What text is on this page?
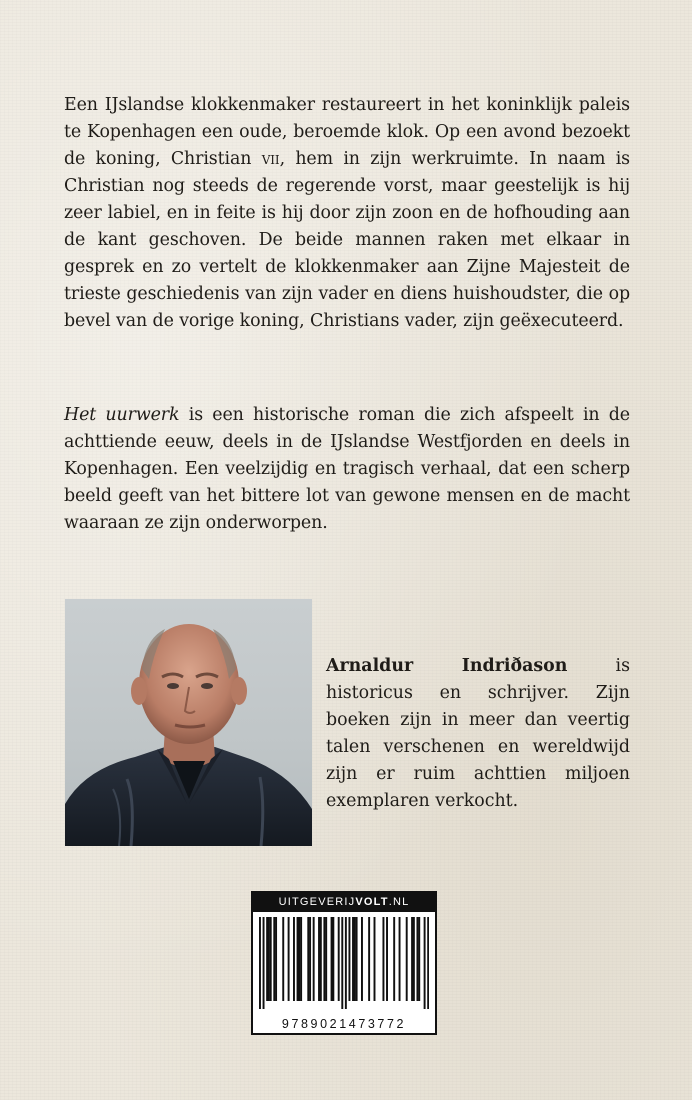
Een IJslandse klokkenmaker restaureert in het koninklijk paleis te Kopenhagen een oude, beroemde klok. Op een avond bezoekt de koning, Christian vii, hem in zijn werkruimte. In naam is Christian nog steeds de regerende vorst, maar geestelijk is hij zeer labiel, en in feite is hij door zijn zoon en de hofhouding aan de kant geschoven. De beide mannen raken met elkaar in gesprek en zo vertelt de klokkenmaker aan Zijne Majesteit de trieste geschiedenis van zijn vader en diens huishoudster, die op bevel van de vorige koning, Christians vader, zijn geëxecuteerd.

Het uurwerk is een historische roman die zich afspeelt in de achttiende eeuw, deels in de IJslandse Westfjorden en deels in Kopenhagen. Een veelzijdig en tragisch verhaal, dat een scherp beeld geeft van het bittere lot van gewone mensen en de macht waaraan ze zijn onderworpen.

Arnaldur Indriðason is historicus en schrijver. Zijn boeken zijn in meer dan veertig talen verschenen en wereldwijd zijn er ruim achttien miljoen exemplaren verkocht.

UITGEVERIJVOLT.NL
9789021473772
